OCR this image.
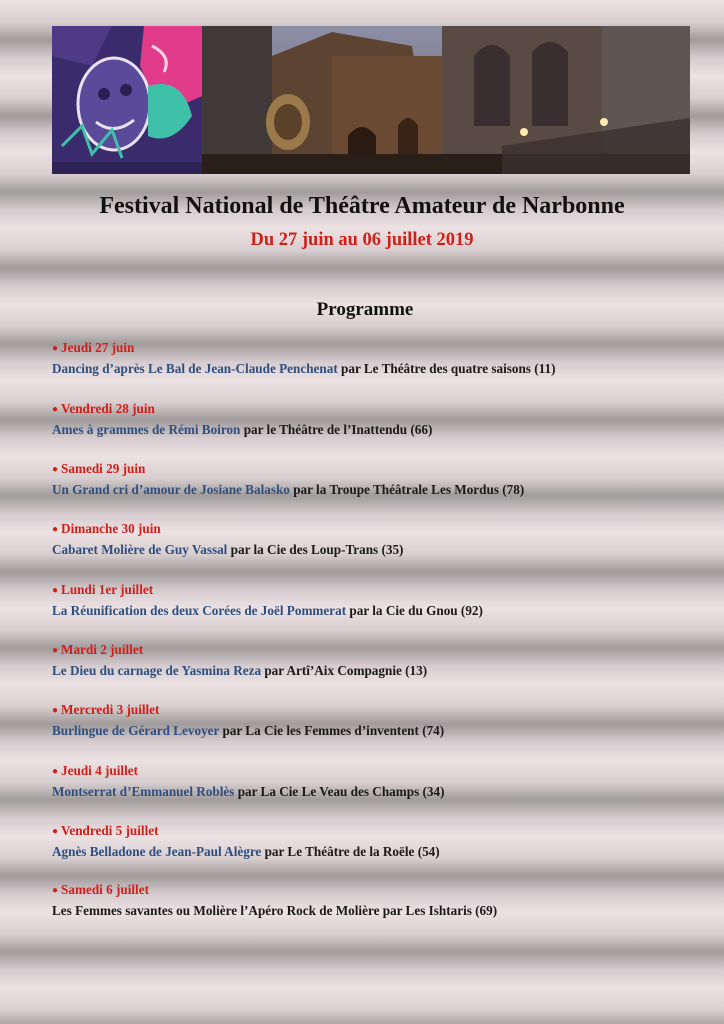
Festival National de Théâtre Amateur de Narbonne
Du 27 juin au 06 juillet 2019
Programme
● Jeudi 27 juin
Dancing d’après Le Bal de Jean-Claude Penchenat par Le Théâtre des quatre saisons (11)
● Vendredi 28 juin
Ames à grammes de Rémi Boiron par le Théâtre de l’Inattendu (66)
● Samedi 29 juin
Un Grand cri d’amour de Josiane Balasko par la Troupe Théâtrale Les Mordus (78)
● Dimanche 30 juin
Cabaret Molière de Guy Vassal par la Cie des Loup-Trans (35)
● Lundi 1er juillet
La Réunification des deux Corées de Joël Pommerat par la Cie du Gnou (92)
● Mardi 2 juillet
Le Dieu du carnage de Yasmina Reza par Artî’Aix Compagnie (13)
● Mercredi 3 juillet
Burlingue de Gérard Levoyer par La Cie les Femmes d’inventent (74)
● Jeudi 4 juillet
Montserrat d’Emmanuel Roblès par La Cie Le Veau des Champs (34)
● Vendredi 5 juillet
Agnès Belladone de Jean-Paul Alègre par Le Théâtre de la Roële (54)
● Samedi 6 juillet
Les Femmes savantes ou Molière l’Apéro Rock de Molière par Les Ishtaris (69)
